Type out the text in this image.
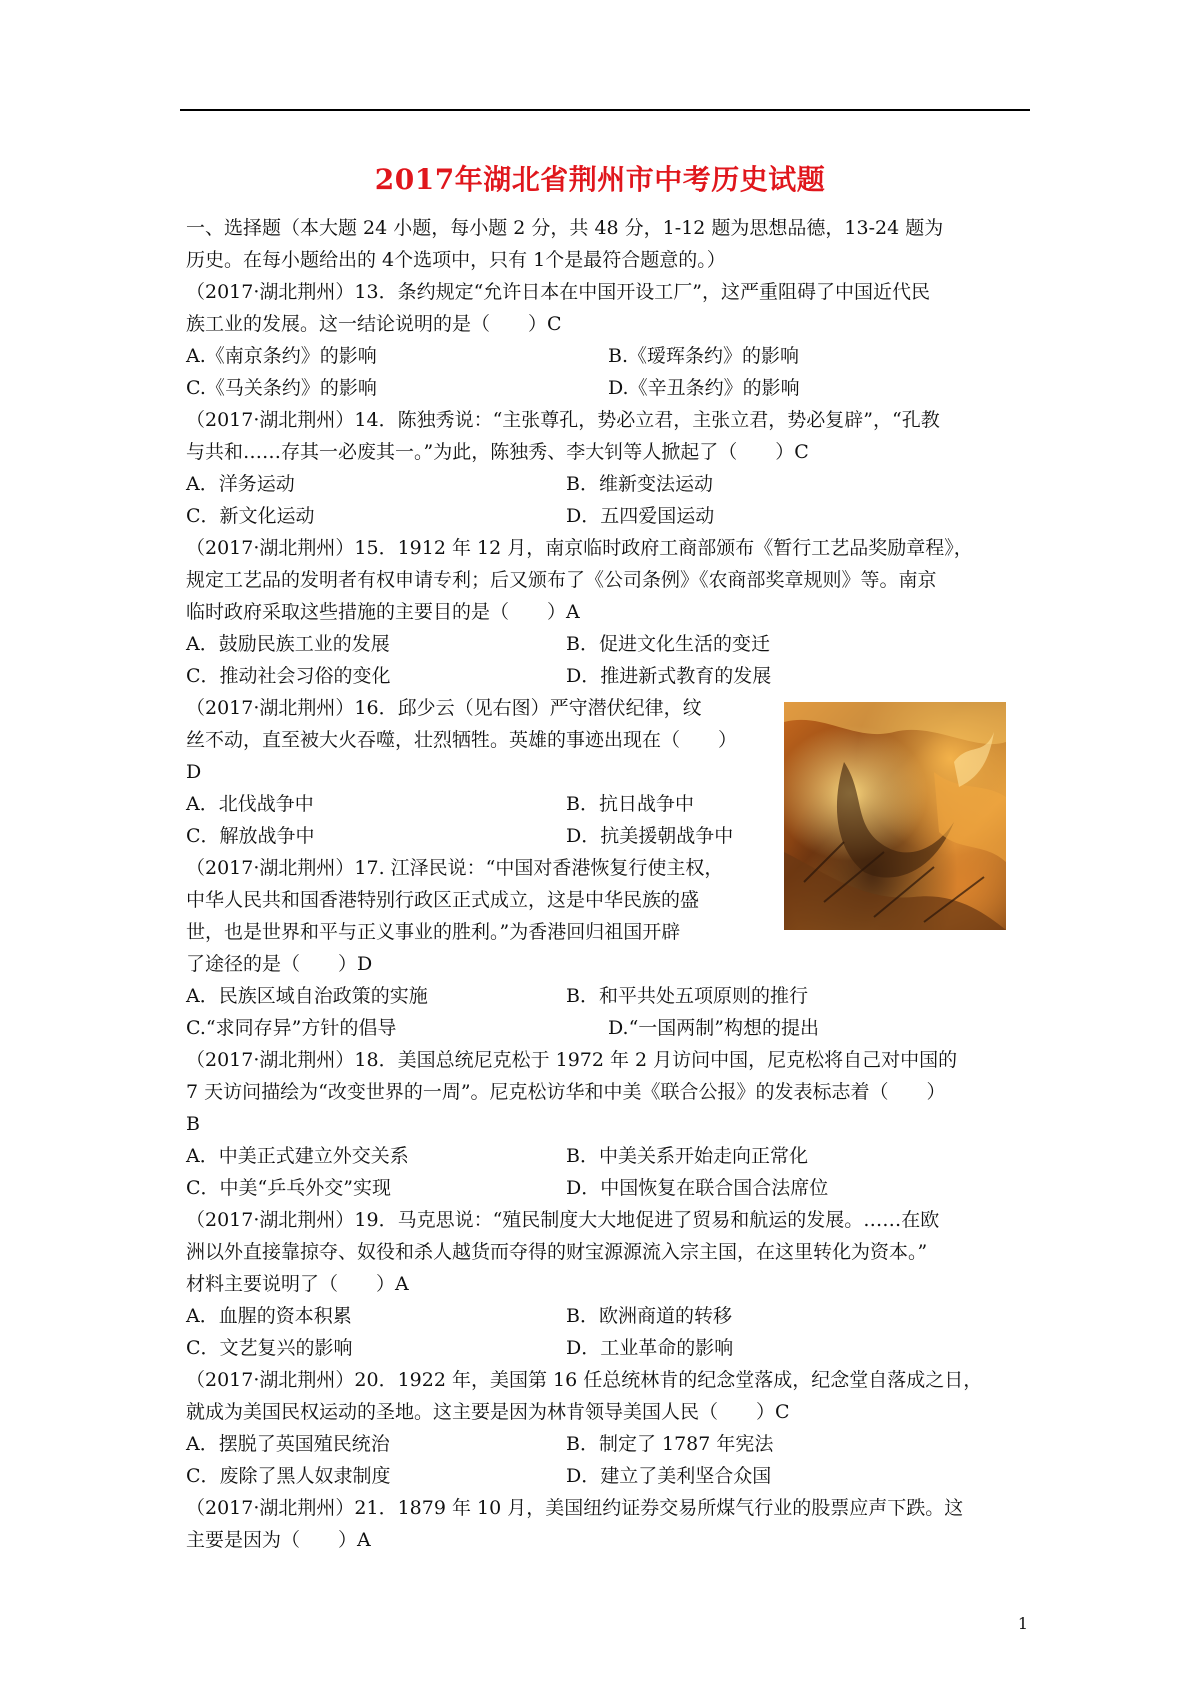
2017年湖北省荆州市中考历史试题
一、选择题（本大题 24 小题，每小题 2 分，共 48 分，1-12 题为思想品德，13-24 题为
历史。在每小题给出的 4个选项中，只有 1个是最符合题意的。）
（2017·湖北荆州）13．条约规定“允许日本在中国开设工厂”，这严重阻碍了中国近代民
族工业的发展。这一结论说明的是（　　）C
A.《南京条约》的影响	B.《瑷珲条约》的影响
C.《马关条约》的影响	D.《辛丑条约》的影响
（2017·湖北荆州）14．陈独秀说：“主张尊孔，势必立君，主张立君，势必复辟”，“孔教
与共和……存其一必废其一。”为此，陈独秀、李大钊等人掀起了（　　）C
A．洋务运动	B．维新变法运动
C．新文化运动	D．五四爱国运动
（2017·湖北荆州）15．1912 年 12 月，南京临时政府工商部颁布《暂行工艺品奖励章程》，
规定工艺品的发明者有权申请专利；后又颁布了《公司条例》《农商部奖章规则》等。南京
临时政府采取这些措施的主要目的是（　　）A
A．鼓励民族工业的发展	B．促进文化生活的变迁
C．推动社会习俗的变化	D．推进新式教育的发展
（2017·湖北荆州）16．邱少云（见右图）严守潜伏纪律，纹
丝不动，直至被大火吞噬，壮烈牺牲。英雄的事迹出现在（　　）
D
A．北伐战争中	B．抗日战争中
C．解放战争中	D．抗美援朝战争中
（2017·湖北荆州）17. 江泽民说：“中国对香港恢复行使主权，
中华人民共和国香港特别行政区正式成立，这是中华民族的盛
世，也是世界和平与正义事业的胜利。”为香港回归祖国开辟
了途径的是（　　）D
A．民族区域自治政策的实施	B．和平共处五项原则的推行
C.“求同存异”方针的倡导	D.“一国两制”构想的提出
（2017·湖北荆州）18．美国总统尼克松于 1972 年 2 月访问中国，尼克松将自己对中国的
7 天访问描绘为“改变世界的一周”。尼克松访华和中美《联合公报》的发表标志着（　　）
B
A．中美正式建立外交关系	B．中美关系开始走向正常化
C．中美“乒乓外交”实现	D．中国恢复在联合国合法席位
（2017·湖北荆州）19．马克思说：“殖民制度大大地促进了贸易和航运的发展。……在欧
洲以外直接靠掠夺、奴役和杀人越货而夺得的财宝源源流入宗主国，在这里转化为资本。”
材料主要说明了（　　）A
A．血腥的资本积累	B．欧洲商道的转移
C．文艺复兴的影响	D．工业革命的影响
（2017·湖北荆州）20．1922 年，美国第 16 任总统林肯的纪念堂落成，纪念堂自落成之日，
就成为美国民权运动的圣地。这主要是因为林肯领导美国人民（　　）C
A．摆脱了英国殖民统治	B．制定了 1787 年宪法
C．废除了黑人奴隶制度	D．建立了美利坚合众国
（2017·湖北荆州）21．1879 年 10 月，美国纽约证券交易所煤气行业的股票应声下跌。这
主要是因为（　　）A
1
